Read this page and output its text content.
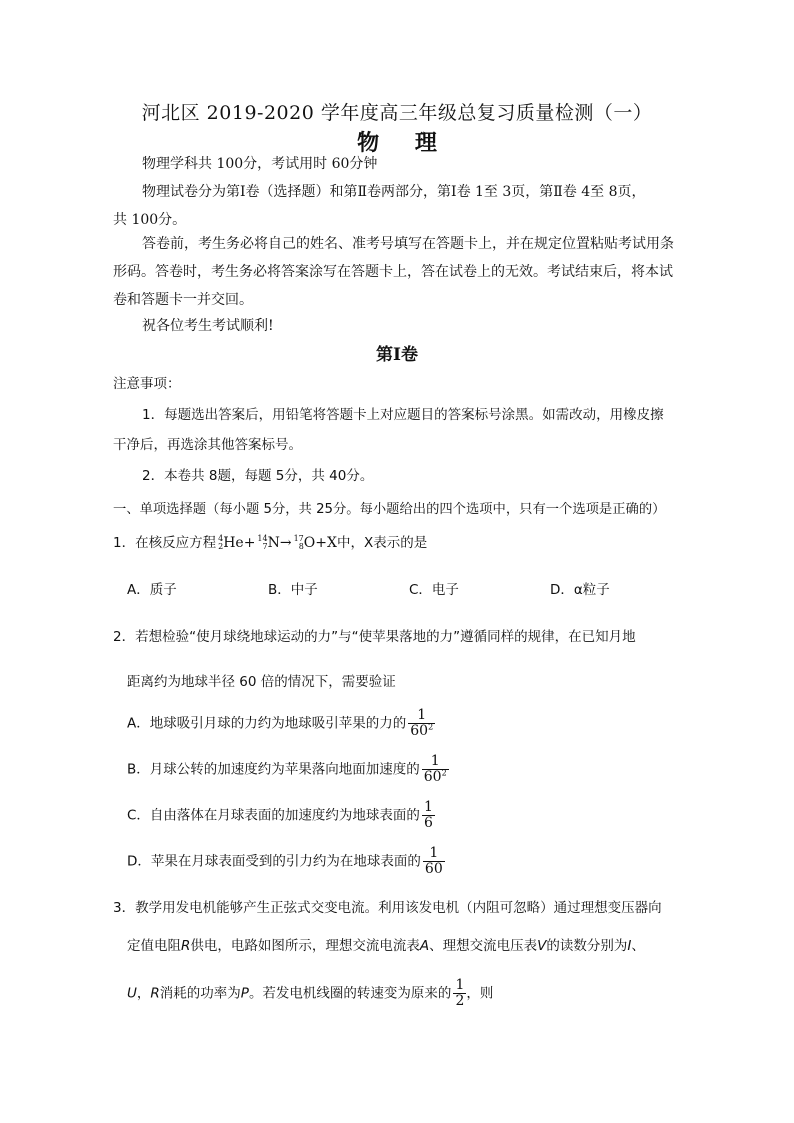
河北区 2019-2020 学年度高三年级总复习质量检测（一）
物 理
物理学科共 100分，考试用时 60分钟
物理试卷分为第Ⅰ卷（选择题）和第Ⅱ卷两部分，第Ⅰ卷 1至 3页，第Ⅱ卷 4至 8页，
共 100分。
答卷前，考生务必将自己的姓名、准考号填写在答题卡上，并在规定位置粘贴考试用条
形码。答卷时，考生务必将答案涂写在答题卡上，答在试卷上的无效。考试结束后，将本试
卷和答题卡一并交回。
祝各位考生考试顺利!
第Ⅰ卷
注意事项：
1．每题选出答案后，用铅笔将答题卡上对应题目的答案标号涂黑。如需改动，用橡皮擦
干净后，再选涂其他答案标号。
2．本卷共 8题，每题 5分，共 40分。
一、单项选择题（每小题 5分，共 25分。每小题给出的四个选项中，只有一个选项是正确的）
1．在核反应方程 4
2 He+ 14
7 N→ 17
8 O+X中，X表示的是
A．质子	B．中子	C．电子	D．α粒子
2．若想检验“使月球绕地球运动的力”与“使苹果落地的力”遵循同样的规律，在已知月地
距离约为地球半径 60 倍的情况下，需要验证
A．地球吸引月球的力约为地球吸引苹果的力的 $\frac{1}{60^2}$
B．月球公转的加速度约为苹果落向地面加速度的 $\frac{1}{60^2}$
C．自由落体在月球表面的加速度约为地球表面的 $\frac{1}{6}$
D．苹果在月球表面受到的引力约为在地球表面的 $\frac{1}{60}$
3．教学用发电机能够产生正弦式交变电流。利用该发电机（内阻可忽略）通过理想变压器向
定值电阻R供电，电路如图所示，理想交流电流表A、理想交流电压表V的读数分别为I、
U，R消耗的功率为P。若发电机线圈的转速变为原来的 $\frac{1}{2}$ ，则
